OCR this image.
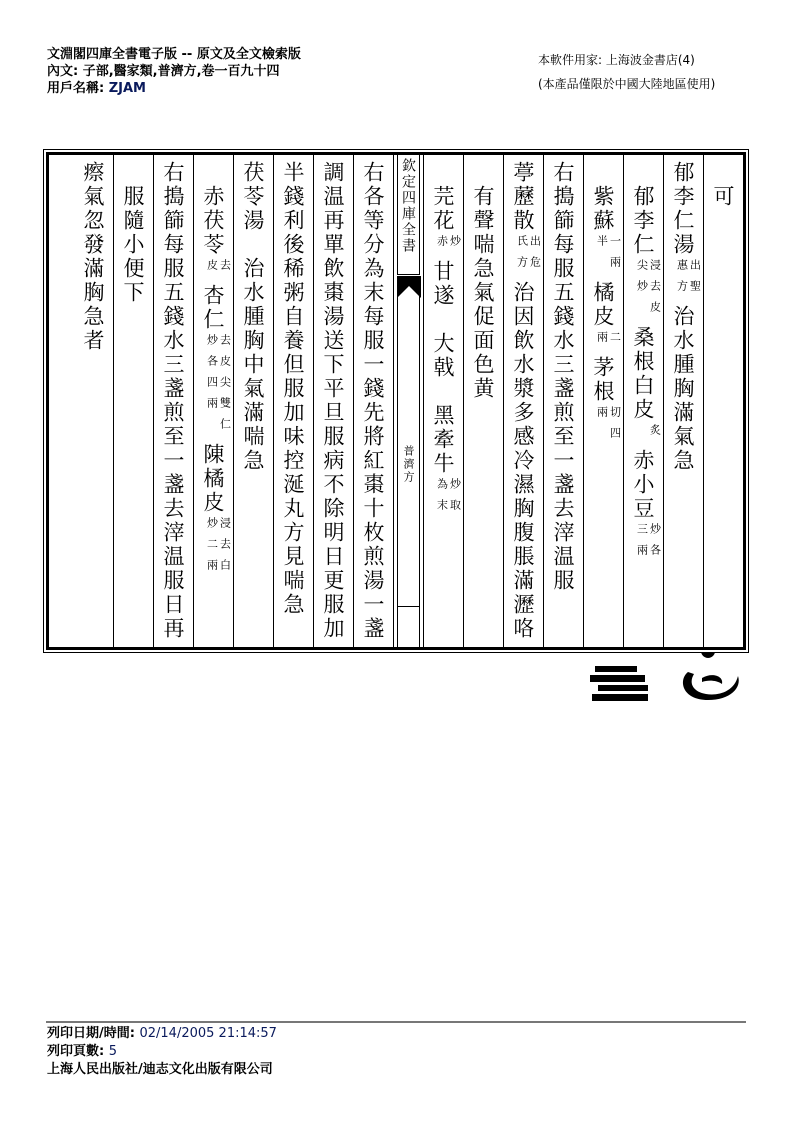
文淵閣四庫全書電子版 -- 原文及全文檢索版
內文: 子部,醫家類,普濟方,卷一百九十四
用戶名稱: ZJAM
本軟件用家: 上海波金書店(4)
(本產品僅限於中國大陸地區使用)
　可
郁李仁湯
出聖
惠方
治水腫胸滿氣急
　郁李仁
浸去皮
尖炒
桑根白皮
炙

赤小豆
炒各
三兩
　紫蘇
一兩
半
橘皮
二
兩
茅根
切四
兩
右搗篩每服五錢水三盞煎至一盞去滓温服
葶藶散
出危
氏方
治因飲水漿多感冷濕胸腹脹滿瀝咯
　有聲喘急氣促面色黄
　芫花
炒
赤
甘遂　大戟　黑牽牛
炒取
為末
欽定四庫全書
普濟方
右各等分為末每服一錢先將紅棗十枚煎湯一盞
調温再單飲棗湯送下平旦服病不除明日更服加
半錢利後稀粥自養但服加味控涎丸方見喘急
茯苓湯　治水腫胸中氣滿喘急
　赤茯苓
去
皮
杏仁
去皮尖雙仁
炒各四兩
陳橘皮
浸去白
炒二兩
右搗篩每服五錢水三盞煎至一盞去滓温服日再
　服隨小便下
瘵氣忽發滿胸急者
列印日期/時間: 02/14/2005 21:14:57
列印頁數: 5
上海人民出版社/迪志文化出版有限公司
